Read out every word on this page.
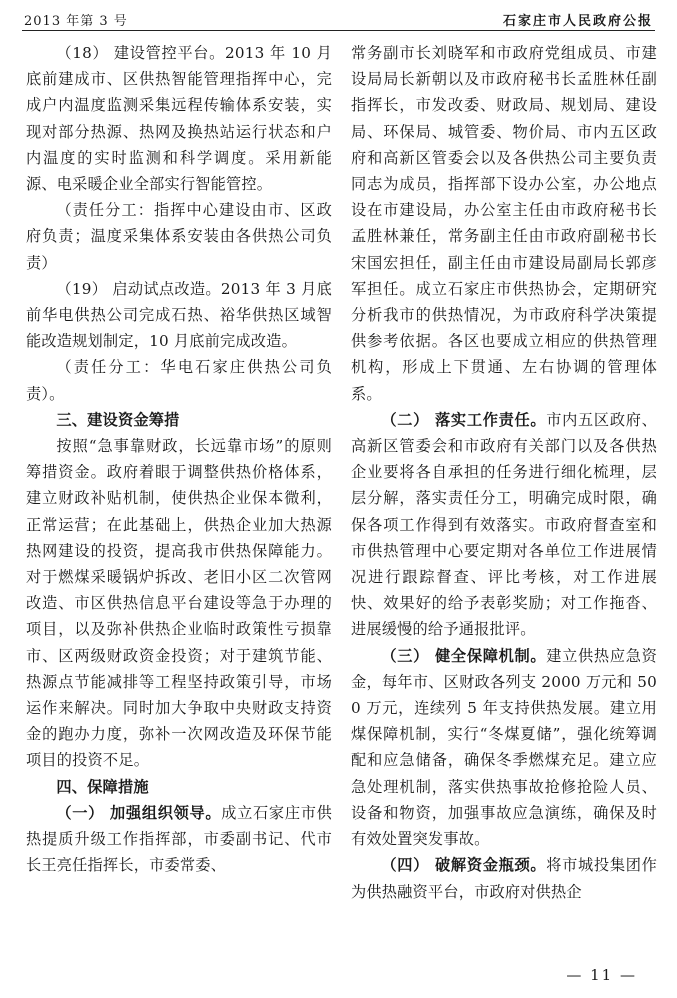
2013 年第 3 号	石家庄市人民政府公报

（18） 建设管控平台。2013 年 10 月底前建成市、区供热智能管理指挥中心，完成户内温度监测采集远程传输体系安装，实现对部分热源、热网及换热站运行状态和户内温度的实时监测和科学调度。采用新能源、电采暖企业全部实行智能管控。

（责任分工：指挥中心建设由市、区政府负责；温度采集体系安装由各供热公司负责）

（19） 启动试点改造。2013 年 3 月底前华电供热公司完成石热、裕华供热区域智能改造规划制定，10 月底前完成改造。

（责任分工：华电石家庄供热公司负责）。

三、建设资金筹措

按照“急事靠财政，长远靠市场”的原则筹措资金。政府着眼于调整供热价格体系，建立财政补贴机制，使供热企业保本微利，正常运营；在此基础上，供热企业加大热源热网建设的投资，提高我市供热保障能力。对于燃煤采暖锅炉拆改、老旧小区二次管网改造、市区供热信息平台建设等急于办理的项目，以及弥补供热企业临时政策性亏损靠市、区两级财政资金投资；对于建筑节能、热源点节能减排等工程坚持政策引导，市场运作来解决。同时加大争取中央财政支持资金的跑办力度，弥补一次网改造及环保节能项目的投资不足。

四、保障措施

（一） 加强组织领导。成立石家庄市供热提质升级工作指挥部，市委副书记、代市长王亮任指挥长，市委常委、

常务副市长刘晓军和市政府党组成员、市建设局局长新朝以及市政府秘书长孟胜林任副指挥长，市发改委、财政局、规划局、建设局、环保局、城管委、物价局、市内五区政府和高新区管委会以及各供热公司主要负责同志为成员，指挥部下设办公室，办公地点设在市建设局，办公室主任由市政府秘书长孟胜林兼任，常务副主任由市政府副秘书长宋国宏担任，副主任由市建设局副局长郭彦军担任。成立石家庄市供热协会，定期研究分析我市的供热情况，为市政府科学决策提供参考依据。各区也要成立相应的供热管理机构，形成上下贯通、左右协调的管理体系。

（二） 落实工作责任。市内五区政府、高新区管委会和市政府有关部门以及各供热企业要将各自承担的任务进行细化梳理，层层分解，落实责任分工，明确完成时限，确保各项工作得到有效落实。市政府督查室和市供热管理中心要定期对各单位工作进展情况进行跟踪督查、评比考核，对工作进展快、效果好的给予表彰奖励；对工作拖沓、进展缓慢的给予通报批评。

（三） 健全保障机制。建立供热应急资金，每年市、区财政各列支 2000 万元和 500 万元，连续列 5 年支持供热发展。建立用煤保障机制，实行“冬煤夏储”，强化统筹调配和应急储备，确保冬季燃煤充足。建立应急处理机制，落实供热事故抢修抢险人员、设备和物资，加强事故应急演练，确保及时有效处置突发事故。

（四） 破解资金瓶颈。将市城投集团作为供热融资平台，市政府对供热企

— 11 —
